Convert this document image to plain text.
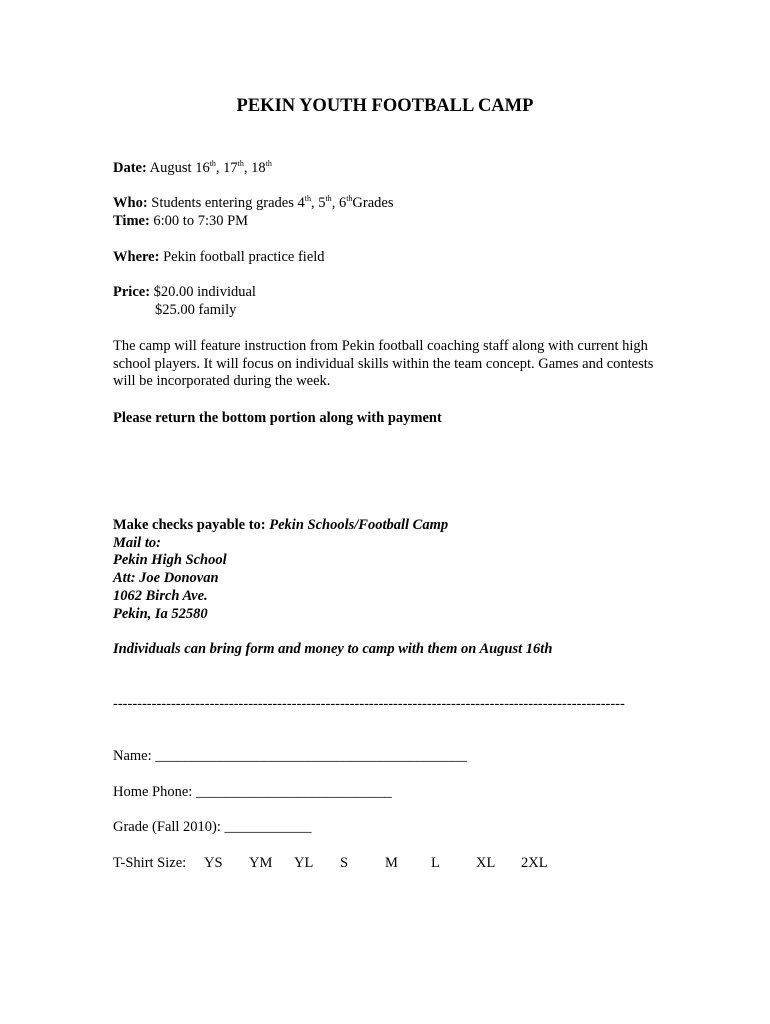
PEKIN YOUTH FOOTBALL CAMP
Date: August 16th, 17th, 18th
Who: Students entering grades 4th, 5th, 6thGrades
Time: 6:00 to 7:30 PM
Where: Pekin football practice field
Price: $20.00 individual
$25.00 family
The camp will feature instruction from Pekin football coaching staff along with current high school players. It will focus on individual skills within the team concept. Games and contests will be incorporated during the week.
Please return the bottom portion along with payment
Make checks payable to: Pekin Schools/Football Camp
Mail to:
Pekin High School
Att: Joe Donovan
1062 Birch Ave.
Pekin, Ia 52580
Individuals can bring form and money to camp with them on August 16th
----------------------------------------------------------------------------------------------------------
Name: ___________________________________________
Home Phone: ___________________________
Grade (Fall 2010): ____________
T-Shirt Size: YS YM YL S	M L XL 2XL
